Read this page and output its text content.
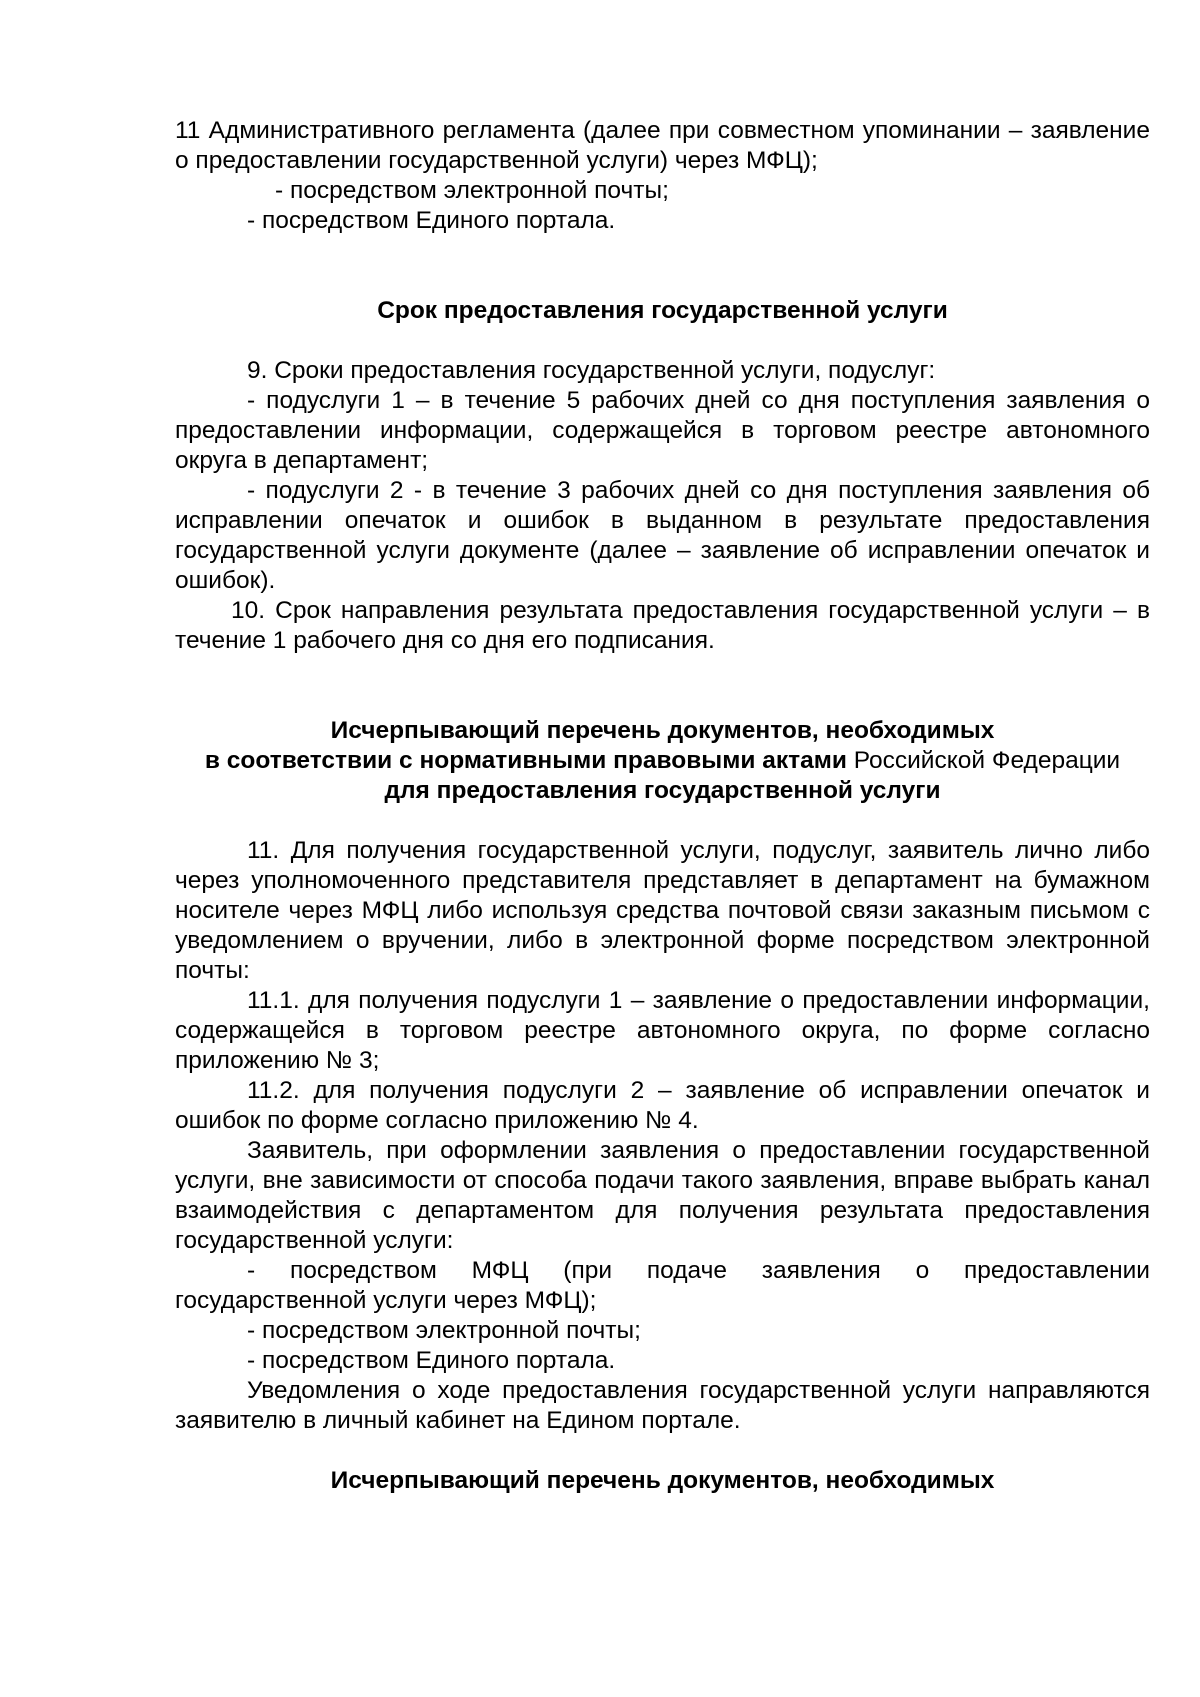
11 Административного регламента (далее при совместном упоминании – заявление о предоставлении государственной услуги) через МФЦ);

- посредством электронной почты;

- посредством Единого портала.

Срок предоставления государственной услуги

9. Сроки предоставления государственной услуги, подуслуг:

- подуслуги 1 – в течение 5 рабочих дней со дня поступления заявления о предоставлении информации, содержащейся в торговом реестре автономного округа в департамент;

- подуслуги 2 - в течение 3 рабочих дней со дня поступления заявления об исправлении опечаток и ошибок в выданном в результате предоставления государственной услуги документе (далее – заявление об исправлении опечаток и ошибок).

10. Срок направления результата предоставления государственной услуги – в течение 1 рабочего дня со дня его подписания.

Исчерпывающий перечень документов, необходимых

в соответствии с нормативными правовыми актами Российской Федерации

для предоставления государственной услуги

11. Для получения государственной услуги, подуслуг, заявитель лично либо через уполномоченного представителя представляет в департамент на бумажном носителе через МФЦ либо используя средства почтовой связи заказным письмом с уведомлением о вручении, либо в электронной форме посредством электронной почты:

11.1. для получения подуслуги 1 – заявление о предоставлении информации, содержащейся в торговом реестре автономного округа, по форме согласно приложению № 3;

11.2. для получения подуслуги 2 – заявление об исправлении опечаток и ошибок по форме согласно приложению № 4.

Заявитель, при оформлении заявления о предоставлении государственной услуги, вне зависимости от способа подачи такого заявления, вправе выбрать канал взаимодействия с департаментом для получения результата предоставления государственной услуги:

- посредством МФЦ (при подаче заявления о предоставлении государственной услуги через МФЦ);

- посредством электронной почты;

- посредством Единого портала.

Уведомления о ходе предоставления государственной услуги направляются заявителю в личный кабинет на Едином портале.

Исчерпывающий перечень документов, необходимых
